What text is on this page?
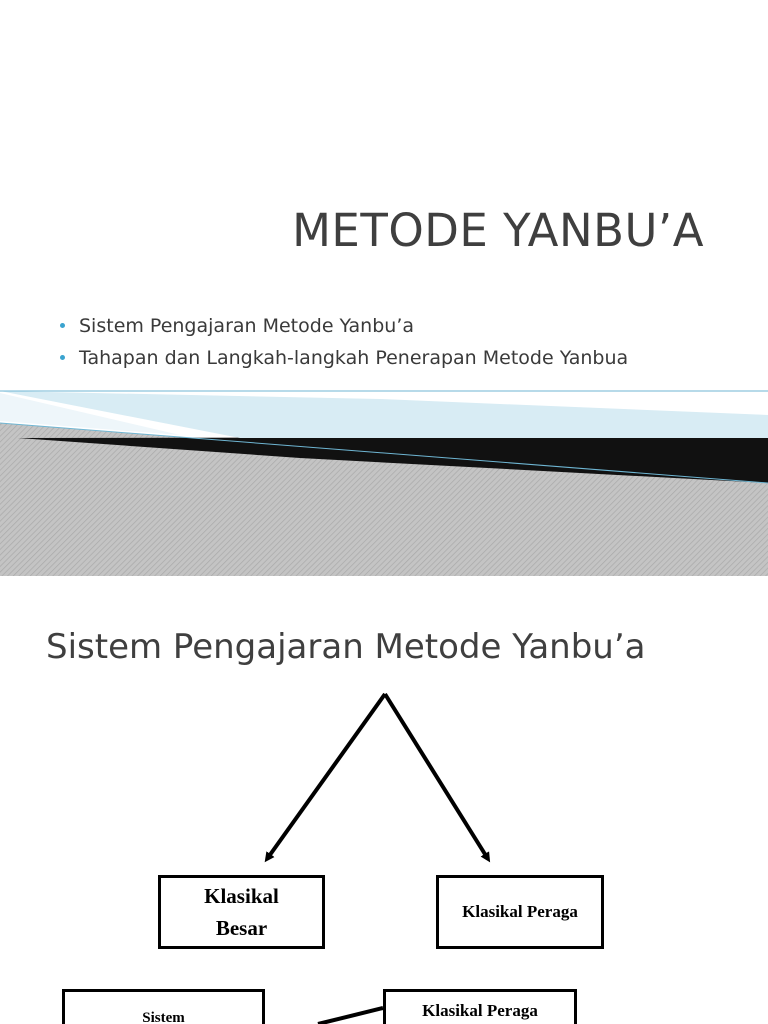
METODE YANBU’A
Sistem Pengajaran Metode Yanbu’a
Tahapan dan Langkah-langkah Penerapan Metode Yanbua
Sistem Pengajaran Metode Yanbu’a
Klasikal
Besar
Klasikal Peraga
Sistem	Klasikal Peraga
